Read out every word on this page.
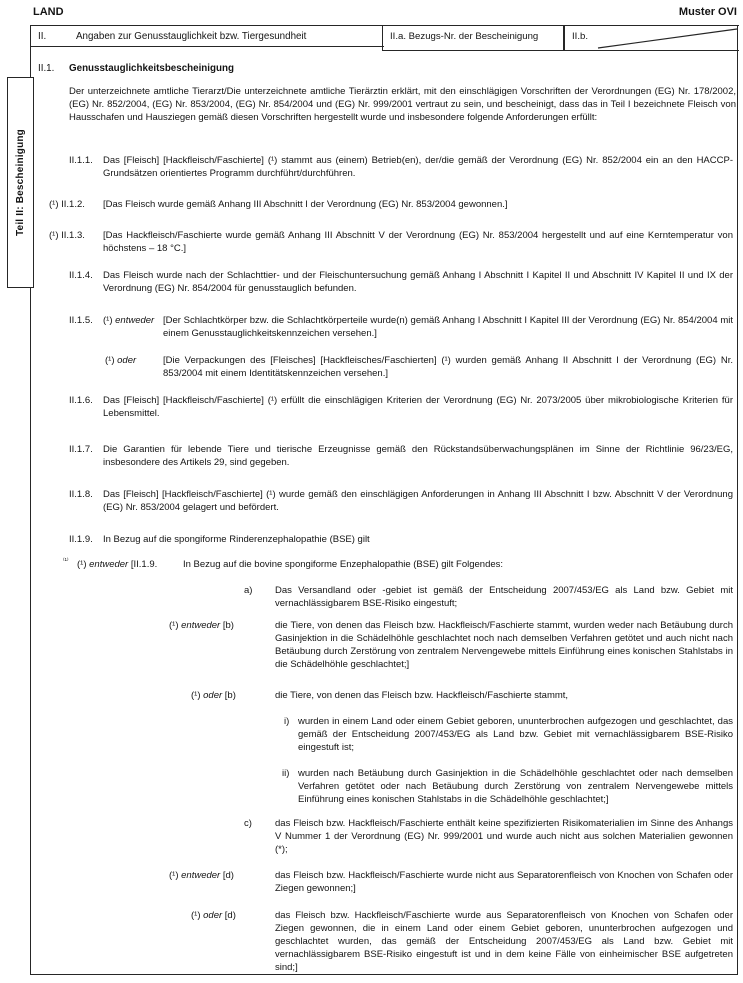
LAND	Muster OVI
II.	Angaben zur Genusstauglichkeit bzw. Tiergesundheit	II.a. Bezugs-Nr. der Bescheinigung	II.b.
II.1. Genusstauglichkeitsbescheinigung
Der unterzeichnete amtliche Tierarzt/Die unterzeichnete amtliche Tierärztin erklärt, mit den einschlägigen Vorschriften der Verordnungen (EG) Nr. 178/2002, (EG) Nr. 852/2004, (EG) Nr. 853/2004, (EG) Nr. 854/2004 und (EG) Nr. 999/2001 vertraut zu sein, und bescheinigt, dass das in Teil I bezeichnete Fleisch von Hausschafen und Hausziegen gemäß diesen Vorschriften hergestellt wurde und insbesondere folgende Anforderungen erfüllt:
II.1.1. Das [Fleisch] [Hackfleisch/Faschierte] (¹) stammt aus (einem) Betrieb(en), der/die gemäß der Verordnung (EG) Nr. 852/2004 ein an den HACCP-Grundsätzen orientiertes Programm durchführt/durchführen.
(¹) II.1.2. [Das Fleisch wurde gemäß Anhang III Abschnitt I der Verordnung (EG) Nr. 853/2004 gewonnen.]
(¹) II.1.3. [Das Hackfleisch/Faschierte wurde gemäß Anhang III Abschnitt V der Verordnung (EG) Nr. 853/2004 hergestellt und auf eine Kerntemperatur von höchstens – 18 °C.]
II.1.4. Das Fleisch wurde nach der Schlachttier- und der Fleischuntersuchung gemäß Anhang I Abschnitt I Kapitel II und Abschnitt IV Kapitel II und IX der Verordnung (EG) Nr. 854/2004 für genusstauglich befunden.
II.1.5. (¹) entweder [Der Schlachtkörper bzw. die Schlachtkörperteile wurde(n) gemäß Anhang I Abschnitt I Kapitel III der Verordnung (EG) Nr. 854/2004 mit einem Genusstauglichkeitskennzeichen versehen.]
(¹) oder	[Die Verpackungen des [Fleisches] [Hackfleisches/Faschierten] (¹) wurden gemäß Anhang II Abschnitt I der Verordnung (EG) Nr. 853/2004 mit einem Identitätskennzeichen versehen.]
II.1.6. Das [Fleisch] [Hackfleisch/Faschierte] (¹) erfüllt die einschlägigen Kriterien der Verordnung (EG) Nr. 2073/2005 über mikrobiologische Kriterien für Lebensmittel.
II.1.7. Die Garantien für lebende Tiere und tierische Erzeugnisse gemäß den Rückstandsüberwachungsplänen im Sinne der Richtlinie 96/23/EG, insbesondere des Artikels 29, sind gegeben.
II.1.8. Das [Fleisch] [Hackfleisch/Faschierte] (¹) wurde gemäß den einschlägigen Anforderungen in Anhang III Abschnitt I bzw. Abschnitt V der Verordnung (EG) Nr. 853/2004 gelagert und befördert.
II.1.9. In Bezug auf die spongiforme Rinderenzephalopathie (BSE) gilt
$^{^{(1)}}$ (¹) entweder [II.1.9.	In Bezug auf die bovine spongiforme Enzephalopathie (BSE) gilt Folgendes:
a) Das Versandland oder -gebiet ist gemäß der Entscheidung 2007/453/EG als Land bzw. Gebiet mit vernachlässigbarem BSE-Risiko eingestuft;
(¹) entweder [b)	die Tiere, von denen das Fleisch bzw. Hackfleisch/Faschierte stammt, wurden weder nach Betäubung durch Gasinjektion in die Schädelhöhle geschlachtet noch nach demselben Verfahren getötet und auch nicht nach Betäubung durch Zerstörung von zentralem Nervengewebe mittels Einführung eines konischen Stahlstabs in die Schädelhöhle geschlachtet;]
(¹) oder [b)	die Tiere, von denen das Fleisch bzw. Hackfleisch/Faschierte stammt,
i) wurden in einem Land oder einem Gebiet geboren, ununterbrochen aufgezogen und geschlachtet, das gemäß der Entscheidung 2007/453/EG als Land bzw. Gebiet mit vernachlässigbarem BSE-Risiko eingestuft ist;
ii) wurden nach Betäubung durch Gasinjektion in die Schädelhöhle geschlachtet oder nach demselben Verfahren getötet oder nach Betäubung durch Zerstörung von zentralem Nervengewebe mittels Einführung eines konischen Stahlstabs in die Schädelhöhle geschlachtet;]
c) das Fleisch bzw. Hackfleisch/Faschierte enthält keine spezifizierten Risikomaterialien im Sinne des Anhangs V Nummer 1 der Verordnung (EG) Nr. 999/2001 und wurde auch nicht aus solchen Materialien gewonnen (*);
(¹) entweder [d)	das Fleisch bzw. Hackfleisch/Faschierte wurde nicht aus Separatorenfleisch von Knochen von Schafen oder Ziegen gewonnen;]
(¹) oder [d)	das Fleisch bzw. Hackfleisch/Faschierte wurde aus Separatorenfleisch von Knochen von Schafen oder Ziegen gewonnen, die in einem Land oder einem Gebiet geboren, ununterbrochen aufgezogen und geschlachtet wurden, das gemäß der Entscheidung 2007/453/EG als Land bzw. Gebiet mit vernachlässigbarem BSE-Risiko eingestuft ist und in dem keine Fälle von einheimischer BSE aufgetreten sind;]
Teil II: Bescheinigung
